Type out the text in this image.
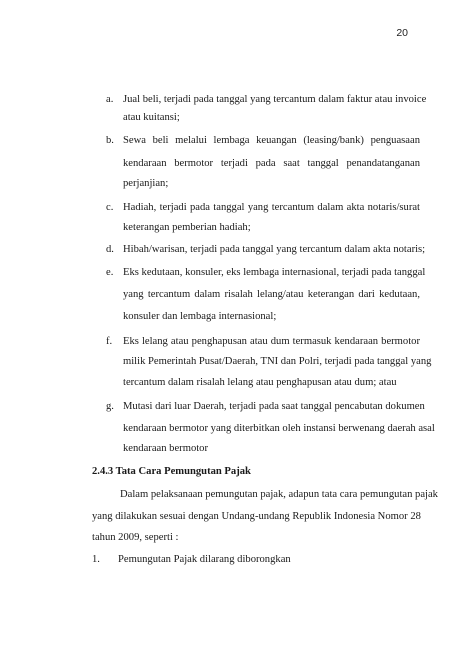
20
a. Jual beli, terjadi pada tanggal yang tercantum dalam faktur atau invoice
atau kuitansi;
b. Sewa beli melalui lembaga keuangan (leasing/bank) penguasaan
kendaraan bermotor terjadi pada saat tanggal penandatanganan
perjanjian;
c. Hadiah, terjadi pada tanggal yang tercantum dalam akta notaris/surat
keterangan pemberian hadiah;
d. Hibah/warisan, terjadi pada tanggal yang tercantum dalam akta notaris;
e. Eks kedutaan, konsuler, eks lembaga internasional, terjadi pada tanggal
yang tercantum dalam risalah lelang/atau keterangan dari kedutaan,
konsuler dan lembaga internasional;
f. Eks lelang atau penghapusan atau dum termasuk kendaraan bermotor
milik Pemerintah Pusat/Daerah, TNI dan Polri, terjadi pada tanggal yang
tercantum dalam risalah lelang atau penghapusan atau dum; atau
g. Mutasi dari luar Daerah, terjadi pada saat tanggal pencabutan dokumen
kendaraan bermotor yang diterbitkan oleh instansi berwenang daerah asal
kendaraan bermotor
2.4.3 Tata Cara Pemungutan Pajak
Dalam pelaksanaan pemungutan pajak, adapun tata cara pemungutan pajak
yang dilakukan sesuai dengan Undang-undang Republik Indonesia Nomor 28
tahun 2009, seperti :
1. Pemungutan Pajak dilarang diborongkan
